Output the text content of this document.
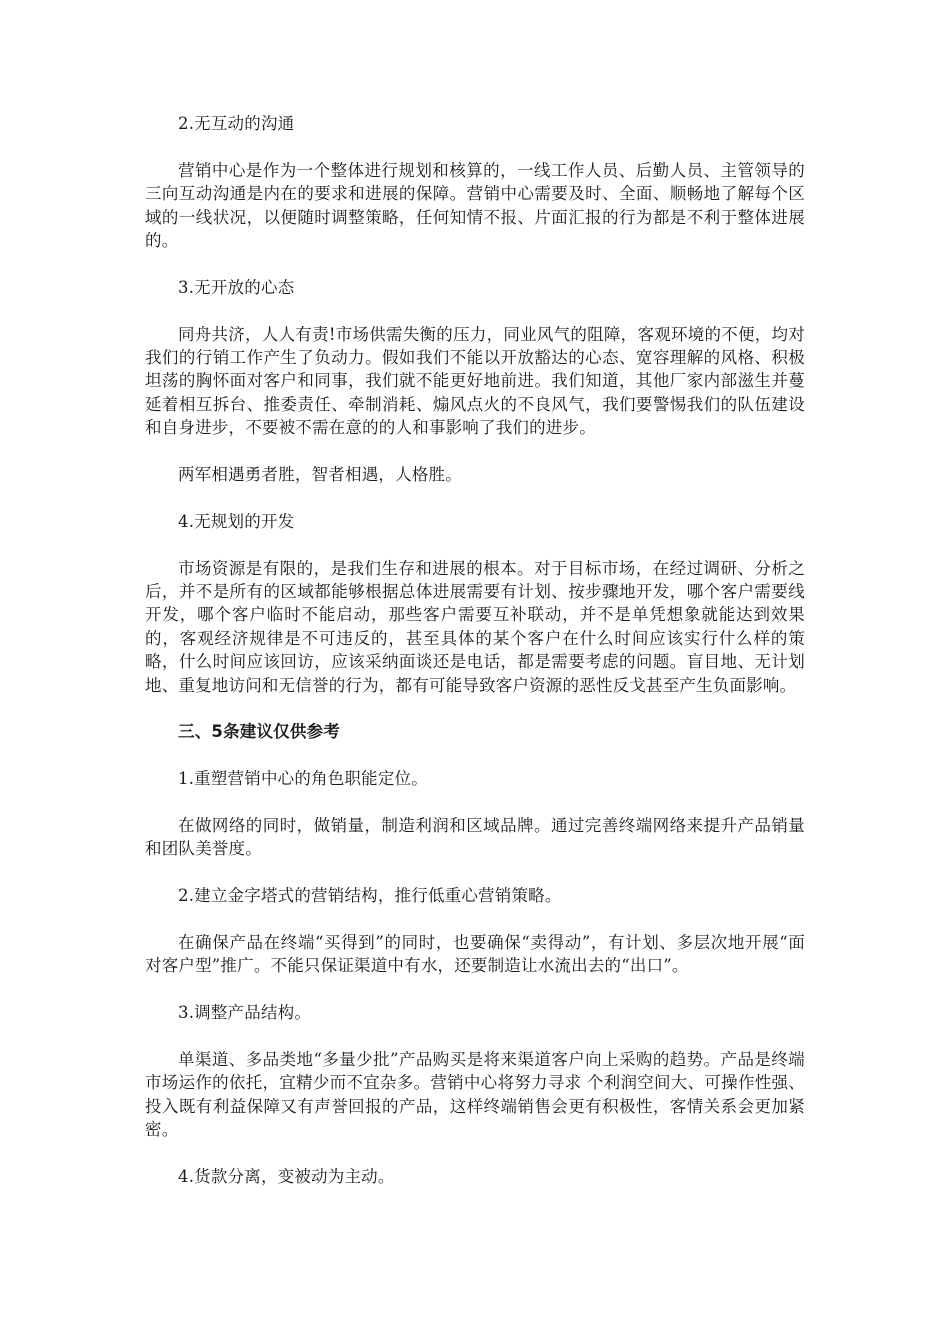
2.无互动的沟通

营销中心是作为一个整体进行规划和核算的，一线工作人员、后勤人员、主管领导的三向互动沟通是内在的要求和进展的保障。营销中心需要及时、全面、顺畅地了解每个区域的一线状况，以便随时调整策略，任何知情不报、片面汇报的行为都是不利于整体进展的。

3.无开放的心态

同舟共济，人人有责!市场供需失衡的压力，同业风气的阻障，客观环境的不便，均对我们的行销工作产生了负动力。假如我们不能以开放豁达的心态、宽容理解的风格、积极坦荡的胸怀面对客户和同事，我们就不能更好地前进。我们知道，其他厂家内部滋生并蔓延着相互拆台、推委责任、牵制消耗、煽风点火的不良风气，我们要警惕我们的队伍建设和自身进步，不要被不需在意的的人和事影响了我们的进步。

两军相遇勇者胜，智者相遇，人格胜。

4.无规划的开发

市场资源是有限的，是我们生存和进展的根本。对于目标市场，在经过调研、分析之后，并不是所有的区域都能够根据总体进展需要有计划、按步骤地开发，哪个客户需要线开发，哪个客户临时不能启动，那些客户需要互补联动，并不是单凭想象就能达到效果的，客观经济规律是不可违反的，甚至具体的某个客户在什么时间应该实行什么样的策略，什么时间应该回访，应该采纳面谈还是电话，都是需要考虑的问题。盲目地、无计划地、重复地访问和无信誉的行为，都有可能导致客户资源的恶性反戈甚至产生负面影响。

三、5条建议仅供参考

1.重塑营销中心的角色职能定位。

在做网络的同时，做销量，制造利润和区域品牌。通过完善终端网络来提升产品销量和团队美誉度。

2.建立金字塔式的营销结构，推行低重心营销策略。

在确保产品在终端“买得到”的同时，也要确保“卖得动”，有计划、多层次地开展“面对客户型”推广。不能只保证渠道中有水，还要制造让水流出去的“出口”。

3.调整产品结构。

单渠道、多品类地“多量少批”产品购买是将来渠道客户向上采购的趋势。产品是终端市场运作的依托，宜精少而不宜杂多。营销中心将努力寻求 个利润空间大、可操作性强、投入既有利益保障又有声誉回报的产品，这样终端销售会更有积极性，客情关系会更加紧密。

4.货款分离，变被动为主动。
